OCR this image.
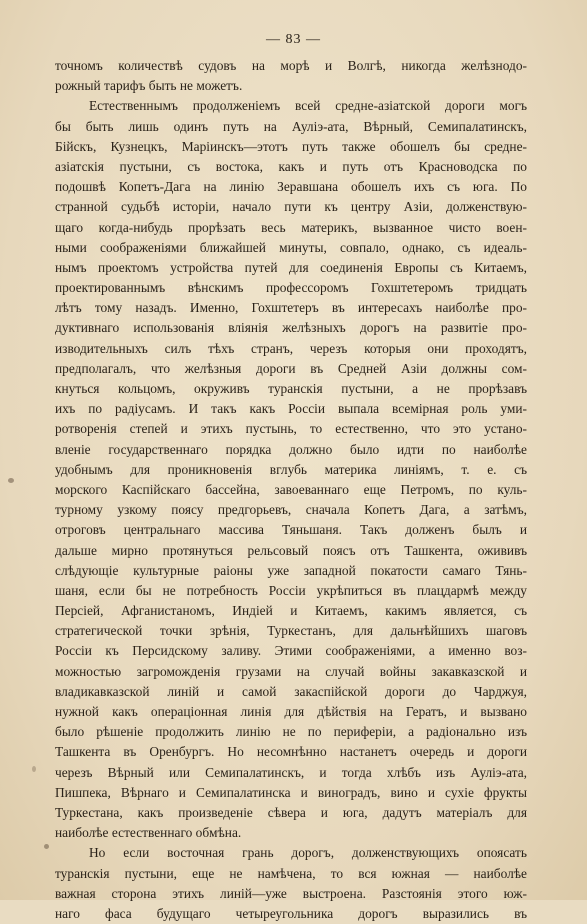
— 83 —
точномъ количествѣ судовъ на морѣ и Волгѣ, никогда желѣзнодо-
рожный тарифъ быть не можетъ.
Естественнымъ продолженіемъ всей средне-азіатской дороги могъ
бы быть лишь одинъ путь на Ауліэ-ата, Вѣрный, Семипалатинскъ,
Бійскъ, Кузнецкъ, Маріинскъ—этотъ путь также обошелъ бы средне-
азіатскія пустыни, съ востока, какъ и путь отъ Красноводска по
подошвѣ Копетъ-Дага на линію Зеравшана обошелъ ихъ съ юга. По
странной судьбѣ исторіи, начало пути къ центру Азіи, долженствую-
щаго когда-нибудь прорѣзать весь материкъ, вызванное чисто воен-
ными соображеніями ближайшей минуты, совпало, однако, съ идеаль-
нымъ проектомъ устройства путей для соединенія Европы съ Китаемъ,
проектированнымъ вѣнскимъ профессоромъ Гохштетеромъ тридцать
лѣтъ тому назадъ. Именно, Гохштетеръ въ интересахъ наиболѣе про-
дуктивнаго использованія вліянія желѣзныхъ дорогъ на развитіе про-
изводительныхъ силъ тѣхъ странъ, черезъ которыя они проходятъ,
предполагалъ, что желѣзныя дороги въ Средней Азіи должны сом-
кнуться кольцомъ, окруживъ туранскія пустыни, а не прорѣзавъ
ихъ по радіусамъ. И такъ какъ Россіи выпала всемірная роль уми-
ротворенія степей и этихъ пустынь, то естественно, что это устано-
вленіе государственнаго порядка должно было идти по наиболѣе
удобнымъ для проникновенія вглубь материка линіямъ, т. е. съ
морского Каспійскаго бассейна, завоеваннаго еще Петромъ, по куль-
турному узкому поясу предгорьевъ, сначала Копетъ Дага, а затѣмъ,
отроговъ центральнаго массива Тяньшаня. Такъ долженъ былъ и
дальше мирно протянуться рельсовый поясъ отъ Ташкента, ожививъ
слѣдующіе культурные раіоны уже западной покатости самаго Тянь-
шаня, если бы не потребность Россіи укрѣпиться въ плацдармѣ между
Персіей, Афганистаномъ, Индіей и Китаемъ, какимъ является, съ
стратегической точки зрѣнія, Туркестанъ, для дальнѣйшихъ шаговъ
Россіи къ Персидскому заливу. Этими соображеніями, а именно воз-
можностью загроможденія грузами на случай войны закавказской и
владикавказской линій и самой закаспійской дороги до Чарджуя,
нужной какъ операціонная линія для дѣйствія на Гератъ, и вызвано
было рѣшеніе продолжить линію не по периферіи, а радіонально изъ
Ташкента въ Оренбургъ. Но несомнѣнно настанетъ очередь и дороги
черезъ Вѣрный или Семипалатинскъ, и тогда хлѣбъ изъ Ауліэ-ата,
Пишпека, Вѣрнаго и Семипалатинска и виноградъ, вино и сухіе фрукты
Туркестана, какъ произведеніе сѣвера и юга, дадутъ матеріалъ для
наиболѣе естественнаго обмѣна.
Но если восточная грань дорогъ, долженствующихъ опоясать
туранскія пустыни, еще не намѣчена, то вся южная — наиболѣе
важная сторона этихъ линій—уже выстроена. Разстоянія этого юж-
наго фаса будущаго четыреугольника дорогъ выразились въ
